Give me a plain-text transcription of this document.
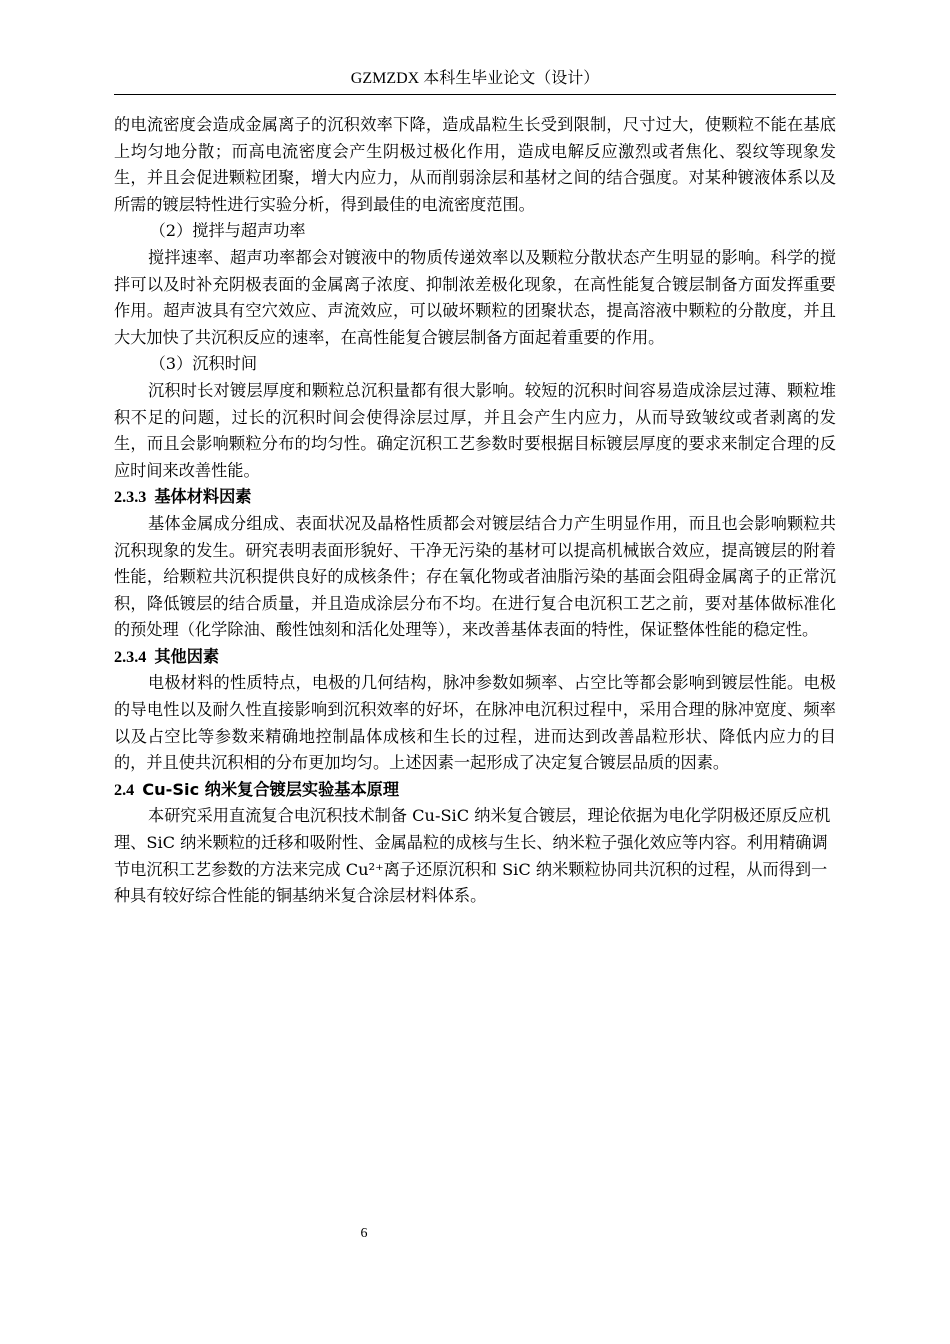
GZMZDX 本科生毕业论文（设计）

的电流密度会造成金属离子的沉积效率下降，造成晶粒生长受到限制，尺寸过大，使颗粒不能在基底上均匀地分散；而高电流密度会产生阴极过极化作用，造成电解反应激烈或者焦化、裂纹等现象发生，并且会促进颗粒团聚，增大内应力，从而削弱涂层和基材之间的结合强度。对某种镀液体系以及所需的镀层特性进行实验分析，得到最佳的电流密度范围。

（2）搅拌与超声功率

搅拌速率、超声功率都会对镀液中的物质传递效率以及颗粒分散状态产生明显的影响。科学的搅拌可以及时补充阴极表面的金属离子浓度、抑制浓差极化现象，在高性能复合镀层制备方面发挥重要作用。超声波具有空穴效应、声流效应，可以破坏颗粒的团聚状态，提高溶液中颗粒的分散度，并且大大加快了共沉积反应的速率，在高性能复合镀层制备方面起着重要的作用。

（3）沉积时间

沉积时长对镀层厚度和颗粒总沉积量都有很大影响。较短的沉积时间容易造成涂层过薄、颗粒堆积不足的问题，过长的沉积时间会使得涂层过厚，并且会产生内应力，从而导致皱纹或者剥离的发生，而且会影响颗粒分布的均匀性。确定沉积工艺参数时要根据目标镀层厚度的要求来制定合理的反应时间来改善性能。

2.3.3 基体材料因素

基体金属成分组成、表面状况及晶格性质都会对镀层结合力产生明显作用，而且也会影响颗粒共沉积现象的发生。研究表明表面形貌好、干净无污染的基材可以提高机械嵌合效应，提高镀层的附着性能，给颗粒共沉积提供良好的成核条件；存在氧化物或者油脂污染的基面会阻碍金属离子的正常沉积，降低镀层的结合质量，并且造成涂层分布不均。在进行复合电沉积工艺之前，要对基体做标准化的预处理（化学除油、酸性蚀刻和活化处理等），来改善基体表面的特性，保证整体性能的稳定性。

2.3.4 其他因素

电极材料的性质特点，电极的几何结构，脉冲参数如频率、占空比等都会影响到镀层性能。电极的导电性以及耐久性直接影响到沉积效率的好坏，在脉冲电沉积过程中，采用合理的脉冲宽度、频率以及占空比等参数来精确地控制晶体成核和生长的过程，进而达到改善晶粒形状、降低内应力的目的，并且使共沉积相的分布更加均匀。上述因素一起形成了决定复合镀层品质的因素。

2.4 Cu-Sic 纳米复合镀层实验基本原理

本研究采用直流复合电沉积技术制备 Cu-SiC 纳米复合镀层，理论依据为电化学阴极还原反应机理、SiC 纳米颗粒的迁移和吸附性、金属晶粒的成核与生长、纳米粒子强化效应等内容。利用精确调节电沉积工艺参数的方法来完成 Cu²⁺离子还原沉积和 SiC 纳米颗粒协同共沉积的过程，从而得到一种具有较好综合性能的铜基纳米复合涂层材料体系。

6
